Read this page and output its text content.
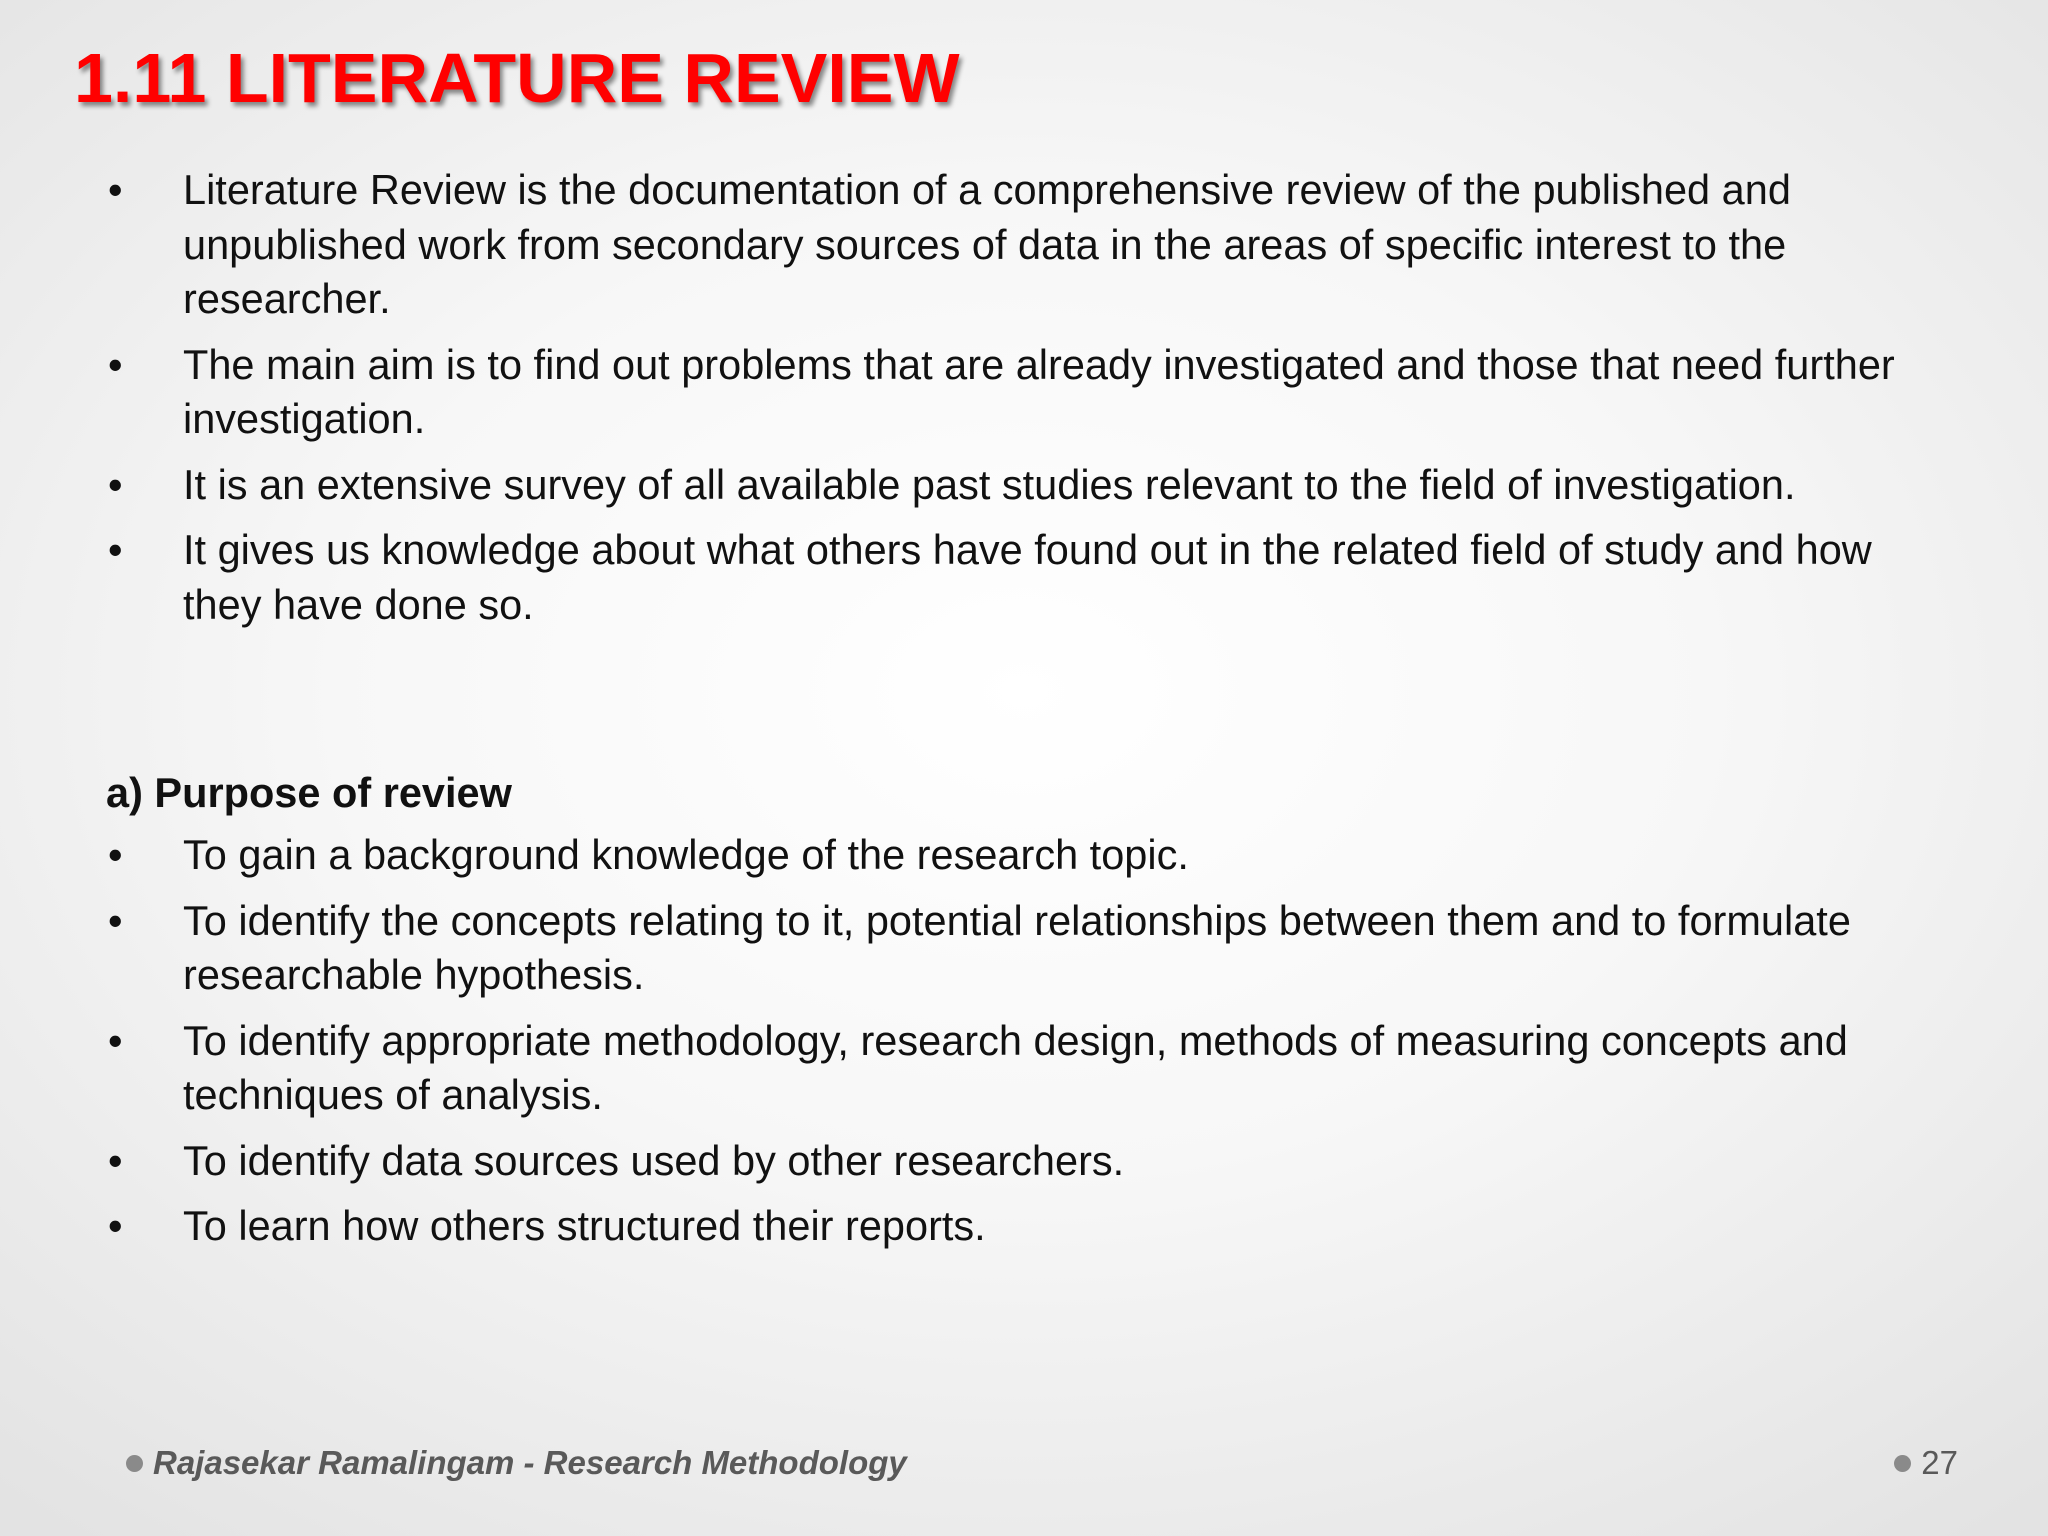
1.11 LITERATURE REVIEW
• Literature Review is the documentation of a comprehensive review of the published and unpublished work from secondary sources of data in the areas of specific interest to the researcher.
• The main aim is to find out problems that are already investigated and those that need further investigation.
• It is an extensive survey of all available past studies relevant to the field of investigation.
• It gives us knowledge about what others have found out in the related field of study and how they have done so.
a) Purpose of review
• To gain a background knowledge of the research topic.
• To identify the concepts relating to it, potential relationships between them and to formulate researchable hypothesis.
• To identify appropriate methodology, research design, methods of measuring concepts and techniques of analysis.
• To identify data sources used by other researchers.
• To learn how others structured their reports.
Rajasekar Ramalingam - Research Methodology	27
